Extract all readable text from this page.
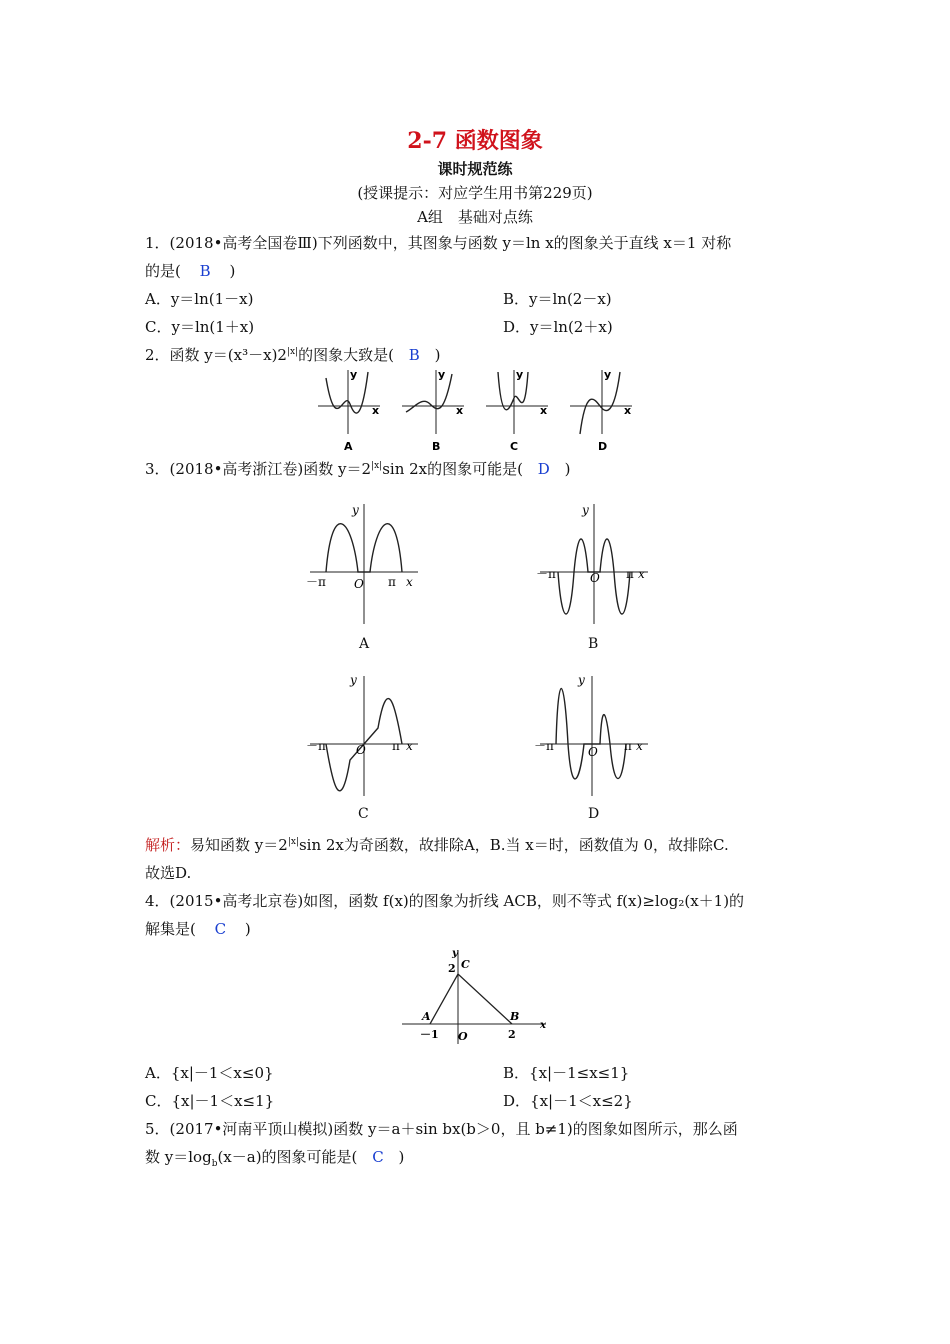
2-7 函数图象
课时规范练
(授课提示：对应学生用书第229页)
A组　基础对点练
1．(2018•高考全国卷Ⅲ)下列函数中，其图象与函数 y＝ln x的图象关于直线 x＝1 对称
的是( B )
A．y＝ln(1－x)	B．y＝ln(2－x)
C．y＝ln(1＋x)	D．y＝ln(2＋x)
2．函数 $y=(x^3-x)2^{|x|}$的图象大致是( B )
x
y
A
x
y
B
x
y
C
x
y
D
3．(2018•高考浙江卷)函数 $y=2^{|x|}\sin$ 2x的图象可能是( D )
－π	π
O	x
y
A
－π	π
O	x
y
B
－π	π
O	x
y
C
－π	π
O	x
y
D
解析：易知函数 $y=2^{|x|}\sin$ 2x为奇函数，故排除A，B.当 x＝时，函数值为 0，故排除C.
故选D.
4．(2015•高考北京卷)如图，函数 f(x)的图象为折线 ACB，则不等式 f(x)≥log₂(x＋1)的
解集是( C )
2 C
A	B
－1 O	2
x
y
A．{x|－1＜x≤0}	B．{x|－1≤x≤1}
C．{x|－1＜x≤1}	D．{x|－1＜x≤2}
5．(2017•河南平顶山模拟)函数 y＝a＋sin bx(b＞0，且 b≠1)的图象如图所示，那么函
数 $y=\log_b(x-a)$的图象可能是( C )
